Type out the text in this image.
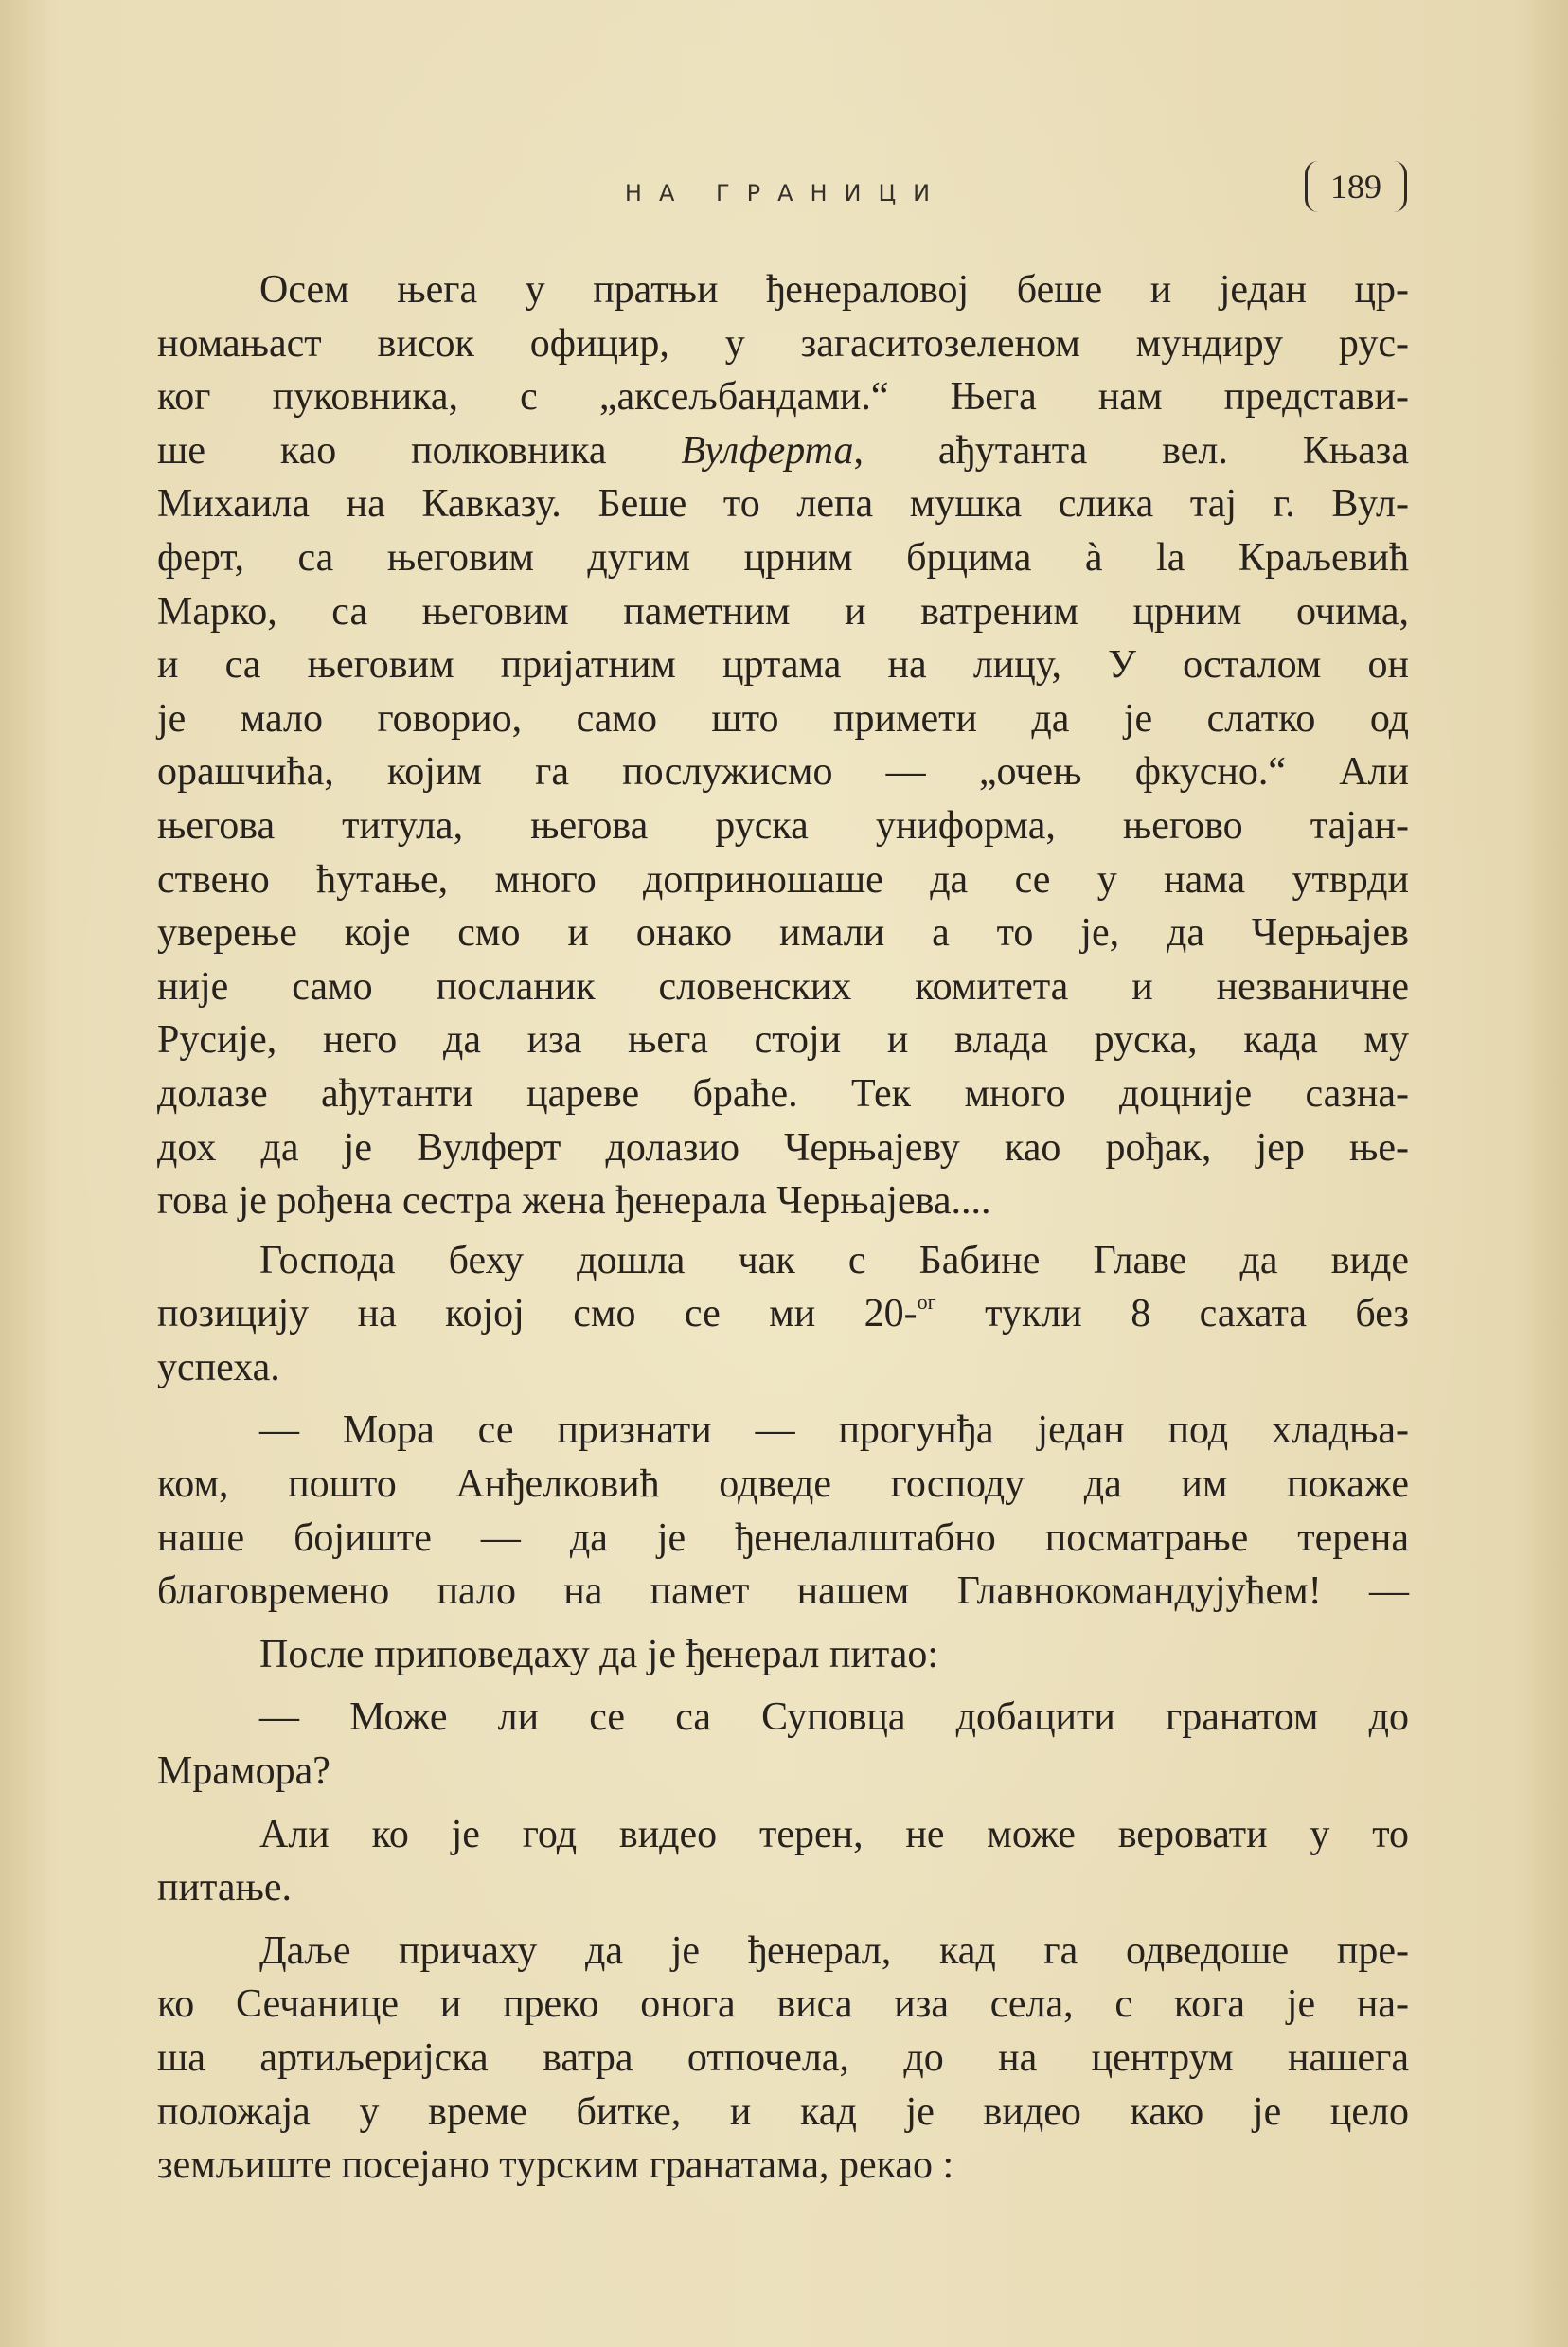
НА ГРАНИЦИ	189
Осем њега у пратњи ђенераловој беше и један цр-
номањаст висок официр, у загаситозеленом мундиру рус-
ког пуковника, с „аксељбандами.“ Њега нам представи-
ше као полковника Вулферта, ађутанта вел. Књаза
Михаила на Кавказу. Беше то лепа мушка слика тај г. Вул-
ферт, са његовим дугим црним брцима à la Краљевић
Марко, са његовим паметним и ватреним црним очима,
и са његовим пријатним цртама на лицу, У осталом он
је мало говорио, само што примети да је слатко од
орашчића, којим га послужисмо — „очењ фкусно.“ Али
његова титула, његова руска униформа, његово тајан-
ствено ћутање, много доприношаше да се у нама утврди
уверење које смо и онако имали а то је, да Черњајев
није само посланик словенских комитета и незваничне
Русије, него да иза њега стоји и влада руска, када му
долазе ађутанти цареве браће. Тек много доцније сазна-
дох да је Вулферт долазио Черњајеву као рођак, јер ње-
гова је рођена сестра жена ђенерала Черњајева....
Господа беху дошла чак с Бабине Главе да виде
позицију на којој смо се ми 20-$^{ог}$ тукли 8 сахата без
успеха.
— Мора се признати — прогунђа један под хладња-
ком, пошто Анђелковић одведе господу да им покаже
наше бојиште — да је ђенелалштабно посматрање терена
благовремено пало на памет нашем Главнокомандујућем! —
После приповедаху да је ђенерал питао:
— Може ли се са Суповца добацити гранатом до
Мрамора?
Али ко је год видео терен, не може веровати у то
питање.
Даље причаху да је ђенерал, кад га одведоше пре-
ко Сечанице и преко онога виса иза села, с кога је на-
ша артиљеријска ватра отпочела, до на центрум нашега
положаја у време битке, и кад је видео како је цело
земљиште посејано турским гранатама, рекао :
